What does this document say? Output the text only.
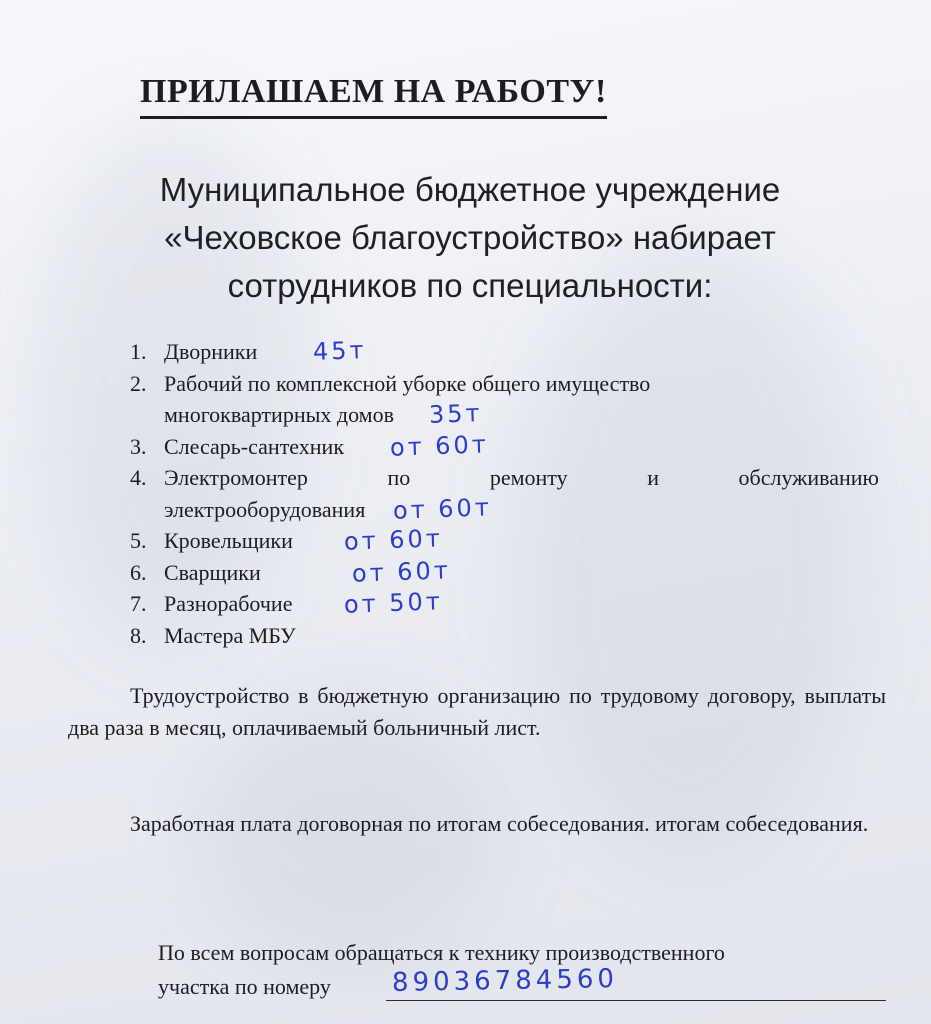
ПРИЛАШАЕМ НА РАБОТУ!
Муниципальное бюджетное учреждение
«Чеховское благоустройство» набирает
сотрудников по специальности:
1. Дворники 45т
2. Рабочий по комплексной уборке общего имущество
многоквартирных домов 35т
3. Слесарь-сантехник от 60т
4. Электромонтер	по	ремонту	и	обслуживанию
электрооборудования от 60т
5. Кровельщики от 60т
6. Сварщики	от 60т
7. Разнорабочие от 50т
8. Мастера МБУ
Трудоустройство в бюджетную организацию по трудовому договору, выплаты два раза в месяц, оплачиваемый больничный лист.
Заработная плата договорная по итогам собеседования. итогам собеседования.
По всем вопросам обращаться к технику производственного
участка по номеру 89036784560
